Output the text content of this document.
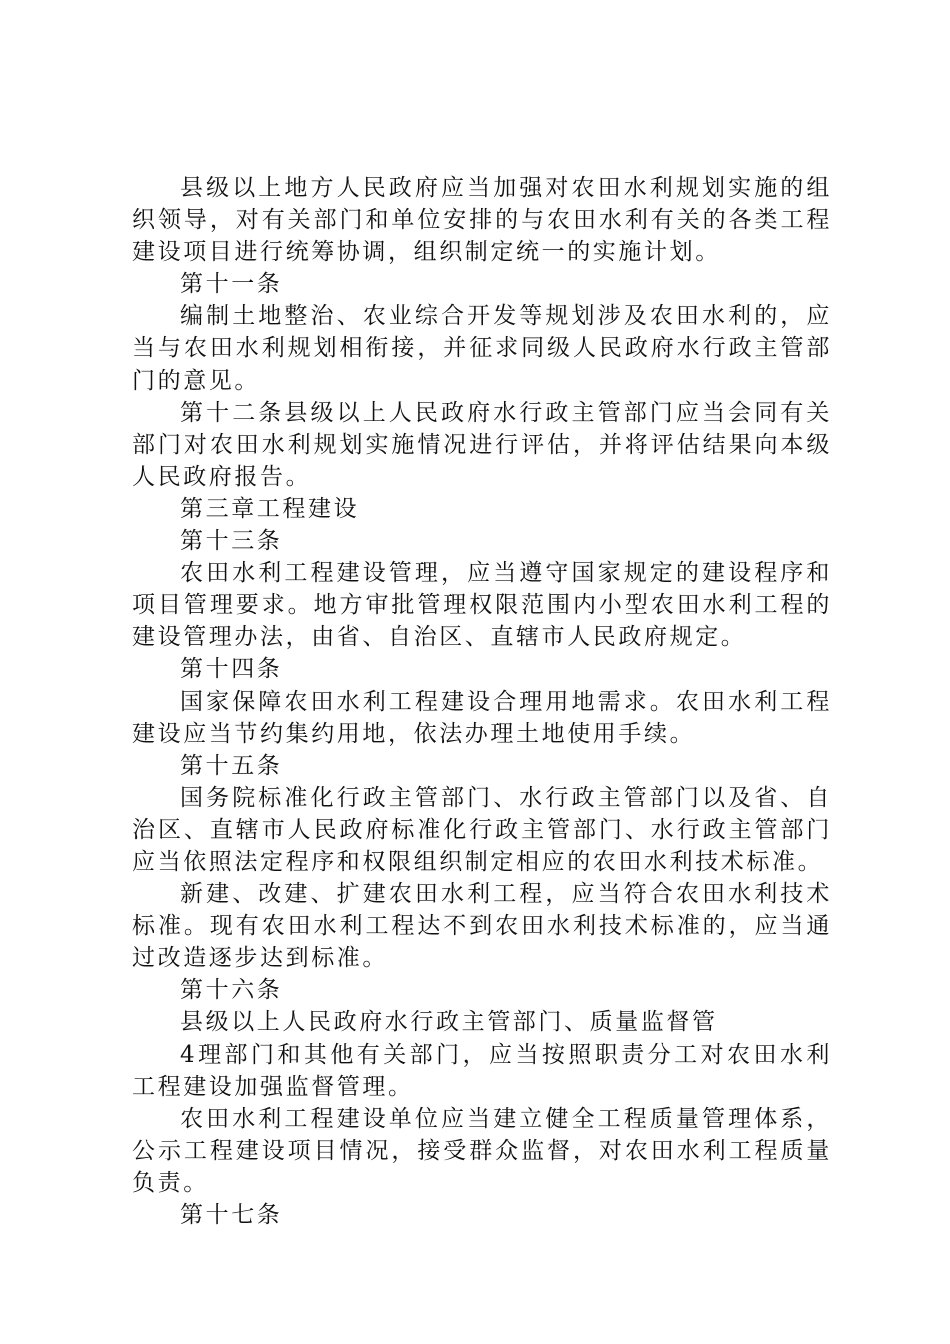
县级以上地方人民政府应当加强对农田水利规划实施的组织领导，对有关部门和单位安排的与农田水利有关的各类工程建设项目进行统筹协调，组织制定统一的实施计划。

第十一条

编制土地整治、农业综合开发等规划涉及农田水利的，应当与农田水利规划相衔接，并征求同级人民政府水行政主管部门的意见。

第十二条县级以上人民政府水行政主管部门应当会同有关部门对农田水利规划实施情况进行评估，并将评估结果向本级人民政府报告。

第三章工程建设

第十三条

农田水利工程建设管理，应当遵守国家规定的建设程序和项目管理要求。地方审批管理权限范围内小型农田水利工程的建设管理办法，由省、自治区、直辖市人民政府规定。

第十四条

国家保障农田水利工程建设合理用地需求。农田水利工程建设应当节约集约用地，依法办理土地使用手续。

第十五条

国务院标准化行政主管部门、水行政主管部门以及省、自治区、直辖市人民政府标准化行政主管部门、水行政主管部门应当依照法定程序和权限组织制定相应的农田水利技术标准。

新建、改建、扩建农田水利工程，应当符合农田水利技术标准。现有农田水利工程达不到农田水利技术标准的，应当通过改造逐步达到标准。

第十六条

县级以上人民政府水行政主管部门、质量监督管

4理部门和其他有关部门，应当按照职责分工对农田水利工程建设加强监督管理。

农田水利工程建设单位应当建立健全工程质量管理体系，公示工程建设项目情况，接受群众监督，对农田水利工程质量负责。

第十七条
